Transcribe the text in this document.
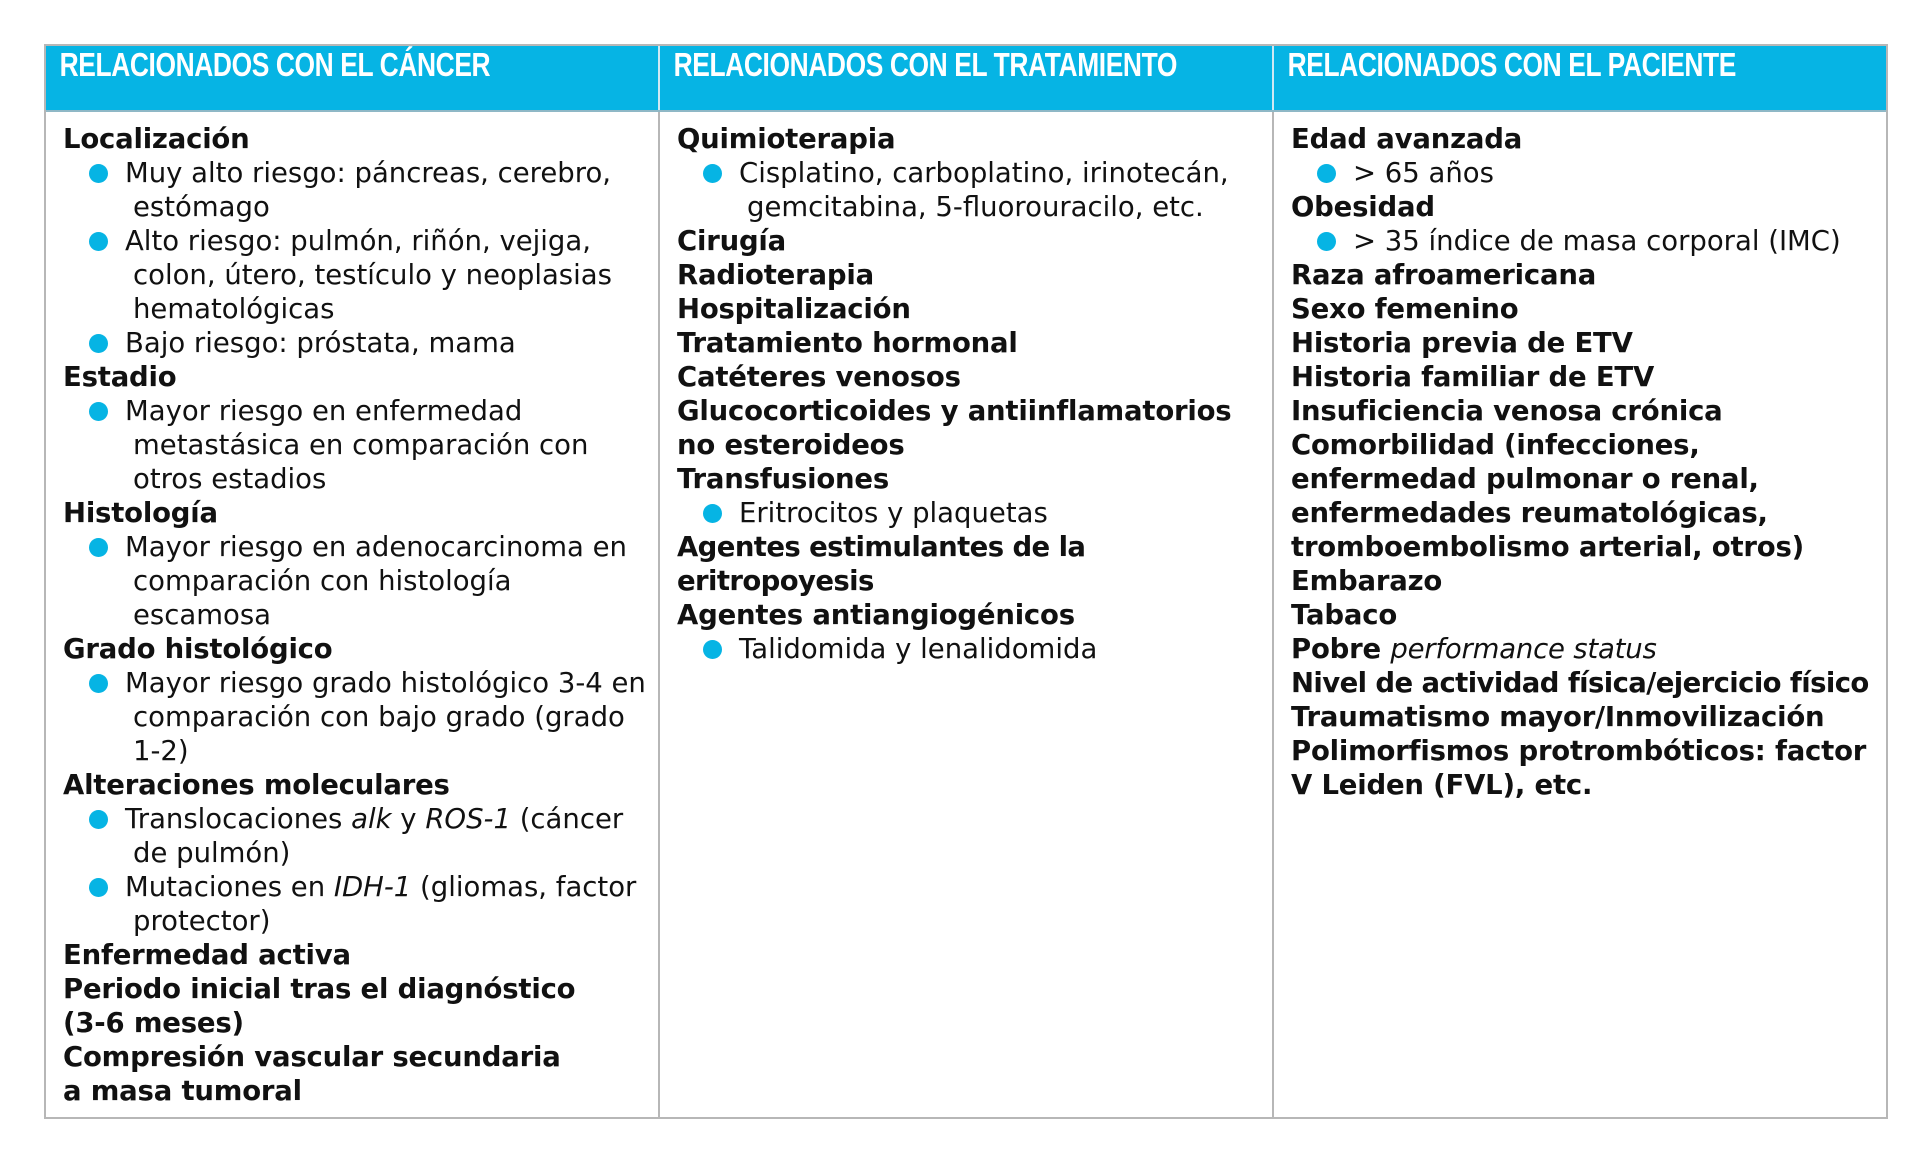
RELACIONADOS CON EL CÁNCER	RELACIONADOS CON EL TRATAMIENTO	RELACIONADOS CON EL PACIENTE
Localización
Muy alto riesgo: páncreas, cerebro, estómago
Alto riesgo: pulmón, riñón, vejiga, colon, útero, testículo y neoplasias hematológicas
Bajo riesgo: próstata, mama
Estadio
Mayor riesgo en enfermedad metastásica en comparación con otros estadios
Histología
Mayor riesgo en adenocarcinoma en comparación con histología escamosa
Grado histológico
Mayor riesgo grado histológico 3-4 en comparación con bajo grado (grado 1-2)
Alteraciones moleculares
Translocaciones alk y ROS-1 (cáncer de pulmón)
Mutaciones en IDH-1 (gliomas, factor protector)
Enfermedad activa
Periodo inicial tras el diagnóstico (3-6 meses)
Compresión vascular secundaria a masa tumoral
Quimioterapia
Cisplatino, carboplatino, irinotecán, gemcitabina, 5-fluorouracilo, etc.
Cirugía
Radioterapia
Hospitalización
Tratamiento hormonal
Catéteres venosos
Glucocorticoides y antiinflamatorios no esteroideos
Transfusiones
Eritrocitos y plaquetas
Agentes estimulantes de la eritropoyesis
Agentes antiangiogénicos
Talidomida y lenalidomida
Edad avanzada
> 65 años
Obesidad
> 35 índice de masa corporal (IMC)
Raza afroamericana
Sexo femenino
Historia previa de ETV
Historia familiar de ETV
Insuficiencia venosa crónica
Comorbilidad (infecciones, enfermedad pulmonar o renal, enfermedades reumatológicas, tromboembolismo arterial, otros)
Embarazo
Tabaco
Pobre performance status
Nivel de actividad física/ejercicio físico
Traumatismo mayor/Inmovilización
Polimorfismos protrombóticos: factor V Leiden (FVL), etc.
